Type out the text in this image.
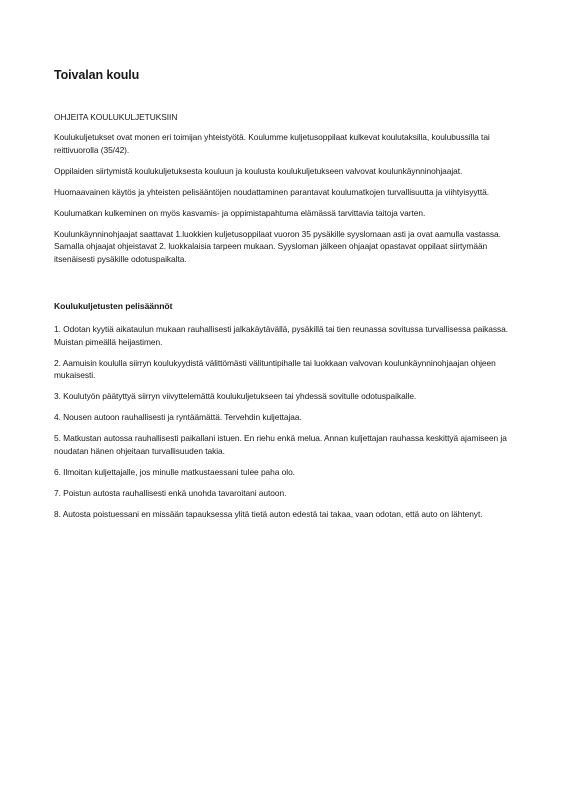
Toivalan koulu
OHJEITA KOULUKULJETUKSIIN

Koulukuljetukset ovat monen eri toimijan yhteistyötä. Koulumme kuljetusoppilaat kulkevat koulutaksilla, koulubussilla tai reittivuorolla (35/42).

Oppilaiden siirtymistä koulukuljetuksesta kouluun ja koulusta koulukuljetukseen valvovat koulunkäynninohjaajat.

Huomaavainen käytös ja yhteisten pelisääntöjen noudattaminen parantavat koulumatkojen turvallisuutta ja viihtyisyyttä.

Koulumatkan kulkeminen on myös kasvamis- ja oppimistapahtuma elämässä tarvittavia taitoja varten.

Koulunkäynninohjaajat saattavat 1.luokkien kuljetusoppilaat vuoron 35 pysäkille syyslomaan asti ja ovat aamulla vastassa. Samalla ohjaajat ohjeistavat 2. luokkalaisia tarpeen mukaan. Syysloman jälkeen ohjaajat opastavat oppilaat siirtymään itsenäisesti pysäkille odotuspaikalta.

Koulukuljetusten pelisäännöt

1. Odotan kyytiä aikataulun mukaan rauhallisesti jalkakäytävällä, pysäkillä tai tien reunassa sovitussa turvallisessa paikassa. Muistan pimeällä heijastimen.

2. Aamuisin koululla siirryn koulukyydistä välittömästi välituntipihalle tai luokkaan valvovan koulunkäynninohjaajan ohjeen mukaisesti.

3. Koulutyön päätyttyä siirryn viivyttelemättä koulukuljetukseen tai yhdessä sovitulle odotuspaikalle.

4. Nousen autoon rauhallisesti ja ryntäämättä. Tervehdin kuljettajaa.

5. Matkustan autossa rauhallisesti paikallani istuen. En riehu enkä melua. Annan kuljettajan rauhassa keskittyä ajamiseen ja noudatan hänen ohjeitaan turvallisuuden takia.

6. Ilmoitan kuljettajalle, jos minulle matkustaessani tulee paha olo.

7. Poistun autosta rauhallisesti enkä unohda tavaroitani autoon.

8. Autosta poistuessani en missään tapauksessa ylitä tietä auton edestä tai takaa, vaan odotan, että auto on lähtenyt.
